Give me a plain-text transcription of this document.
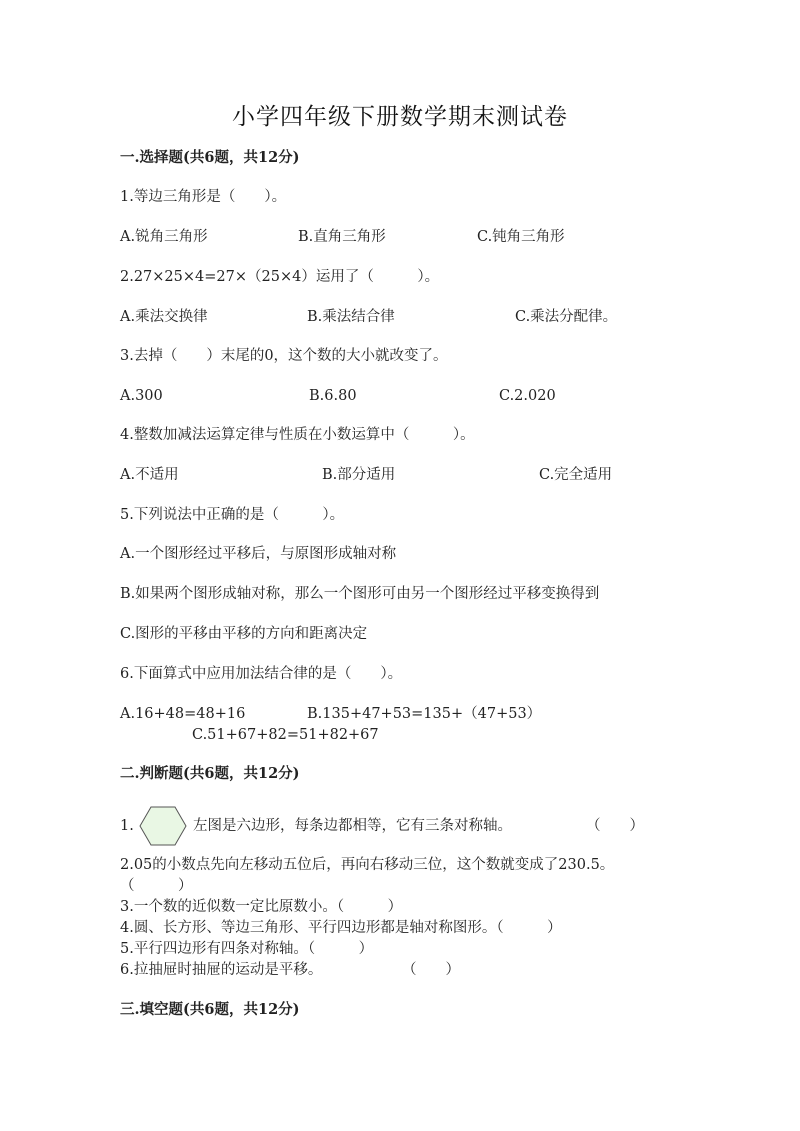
小学四年级下册数学期末测试卷
一.选择题(共6题，共12分)
1.等边三角形是（　　）。
A.锐角三角形	B.直角三角形	C.钝角三角形
2.27×25×4=27×（25×4）运用了（　　　）。
A.乘法交换律	B.乘法结合律	C.乘法分配律。
3.去掉（　　）末尾的0，这个数的大小就改变了。
A.300	B.6.80	C.2.020
4.整数加减法运算定律与性质在小数运算中（　　　）。
A.不适用	B.部分适用	C.完全适用
5.下列说法中正确的是（　　　）。
A.一个图形经过平移后，与原图形成轴对称
B.如果两个图形成轴对称，那么一个图形可由另一个图形经过平移变换得到
C.图形的平移由平移的方向和距离决定
6.下面算式中应用加法结合律的是（　　）。
A.16+48=48+16	B.135+47+53=135+（47+53）
C.51+67+82=51+82+67
二.判断题(共6题，共12分)
1.	左图是六边形，每条边都相等，它有三条对称轴。	（　　）
2.05的小数点先向左移动五位后，再向右移动三位，这个数就变成了230.5。
（　　　）
3.一个数的近似数一定比原数小。（　　　）
4.圆、长方形、等边三角形、平行四边形都是轴对称图形。（　　　）
5.平行四边形有四条对称轴。（　　　）
6.拉抽屉时抽屉的运动是平移。	（　　）
三.填空题(共6题，共12分)
